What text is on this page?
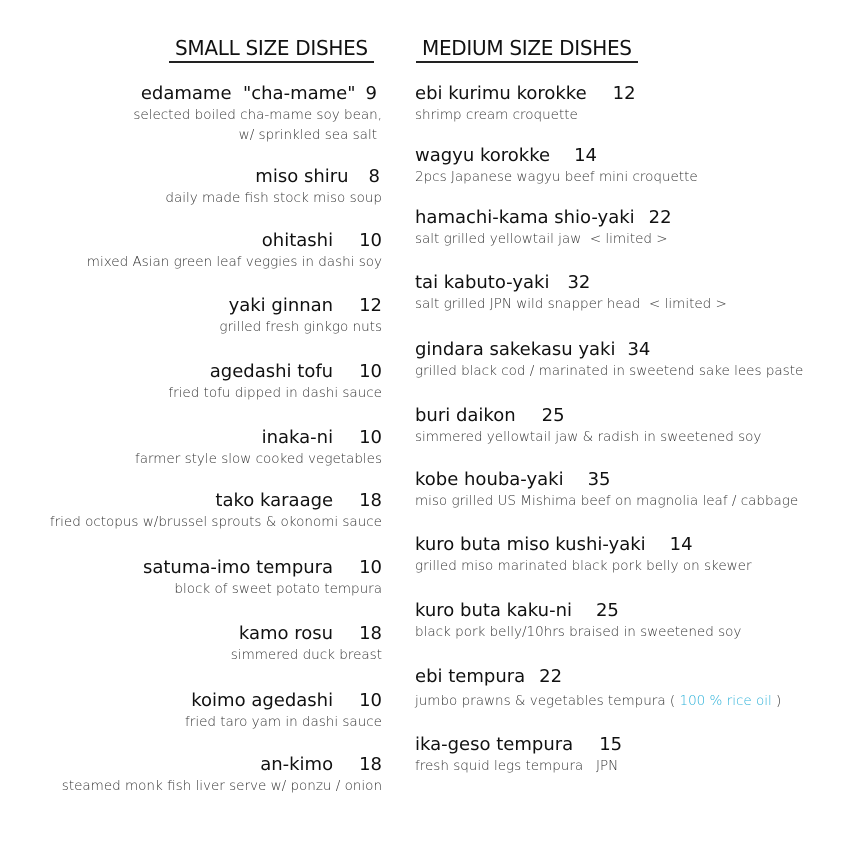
SMALL SIZE DISHES	MEDIUM SIZE DISHES
edamame  "cha-mame" 9
selected boiled cha-mame soy bean,
w/ sprinkled sea salt
miso shiru 8
daily made fish stock miso soup
ohitashi 10
mixed Asian green leaf veggies in dashi soy
yaki ginnan 12
grilled fresh ginkgo nuts
agedashi tofu 10
fried tofu dipped in dashi sauce
inaka-ni 10
farmer style slow cooked vegetables
tako karaage 18
fried octopus w/brussel sprouts & okonomi sauce
satuma-imo tempura 10
block of sweet potato tempura
kamo rosu 18
simmered duck breast
koimo agedashi 10
fried taro yam in dashi sauce
an-kimo 18
steamed monk fish liver serve w/ ponzu / onion
ebi kurimu korokke 12
shrimp cream croquette
wagyu korokke 14
2pcs Japanese wagyu beef mini croquette
hamachi-kama shio-yaki 22
salt grilled yellowtail jaw  < limited >
tai kabuto-yaki 32
salt grilled JPN wild snapper head  < limited >
gindara sakekasu yaki 34
grilled black cod / marinated in sweetend sake lees paste
buri daikon 25
simmered yellowtail jaw & radish in sweetened soy
kobe houba-yaki 35
miso grilled US Mishima beef on magnolia leaf / cabbage
kuro buta miso kushi-yaki 14
grilled miso marinated black pork belly on skewer
kuro buta kaku-ni 25
black pork belly/10hrs braised in sweetened soy
ebi tempura 22
jumbo prawns & vegetables tempura ( 100 % rice oil )
ika-geso tempura 15
fresh squid legs tempura   JPN
